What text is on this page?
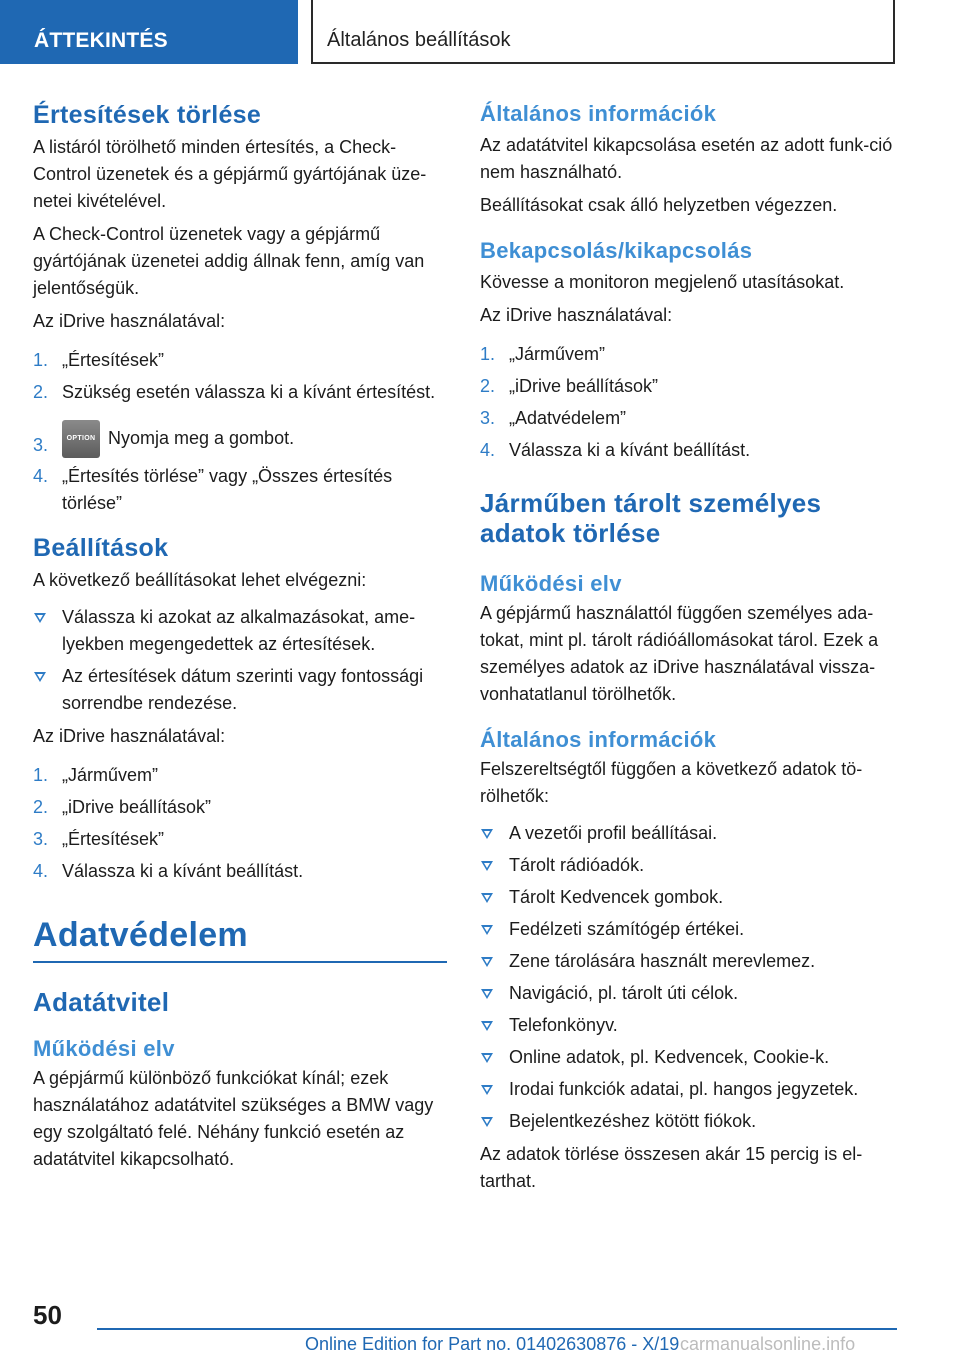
ÁTTEKINTÉS	Általános beállítások
Értesítések törlése

A listáról törölhető minden értesítés, a Check-Control üzenetek és a gépjármű gyártójának üze-netei kivételével.

A Check-Control üzenetek vagy a gépjármű gyártójának üzenetei addig állnak fenn, amíg van jelentőségük.

Az iDrive használatával:

1. „Értesítések”
2. Szükség esetén válassza ki a kívánt értesítést.
3.	OPTION Nyomja meg a gombot.
4. „Értesítés törlése” vagy „Összes értesítés törlése”
Beállítások

A következő beállításokat lehet elvégezni:

Válassza ki azokat az alkalmazásokat, ame-lyekben megengedettek az értesítések.
Az értesítések dátum szerinti vagy fontossági sorrendbe rendezése.

Az iDrive használatával:

1. „Járművem”
2. „iDrive beállítások”
3. „Értesítések”
4. Válassza ki a kívánt beállítást.
Adatvédelem
Adatátvitel
Működési elv

A gépjármű különböző funkciókat kínál; ezek használatához adatátvitel szükséges a BMW vagy egy szolgáltató felé. Néhány funkció esetén az adatátvitel kikapcsolható.

Általános információk

Az adatátvitel kikapcsolása esetén az adott funk-ció nem használható.

Beállításokat csak álló helyzetben végezzen.

Bekapcsolás/kikapcsolás

Kövesse a monitoron megjelenő utasításokat.

Az iDrive használatával:

1. „Járművem”
2. „iDrive beállítások”
3. „Adatvédelem”
4. Válassza ki a kívánt beállítást.
Járműben tárolt személyes adatok törlése
Működési elv

A gépjármű használattól függően személyes ada-tokat, mint pl. tárolt rádióállomásokat tárol. Ezek a személyes adatok az iDrive használatával vissza-vonhatatlanul törölhetők.

Általános információk

Felszereltségtől függően a következő adatok tö-rölhetők:

A vezetői profil beállításai.
Tárolt rádióadók.
Tárolt Kedvencek gombok.
Fedélzeti számítógép értékei.
Zene tárolására használt merevlemez.
Navigáció, pl. tárolt úti célok.
Telefonkönyv.
Online adatok, pl. Kedvencek, Cookie-k.
Irodai funkciók adatai, pl. hangos jegyzetek.
Bejelentkezéshez kötött fiókok.

Az adatok törlése összesen akár 15 percig is el-tarthat.

50
Online Edition for Part no. 01402630876 - X/19 carmanualsonline.info
